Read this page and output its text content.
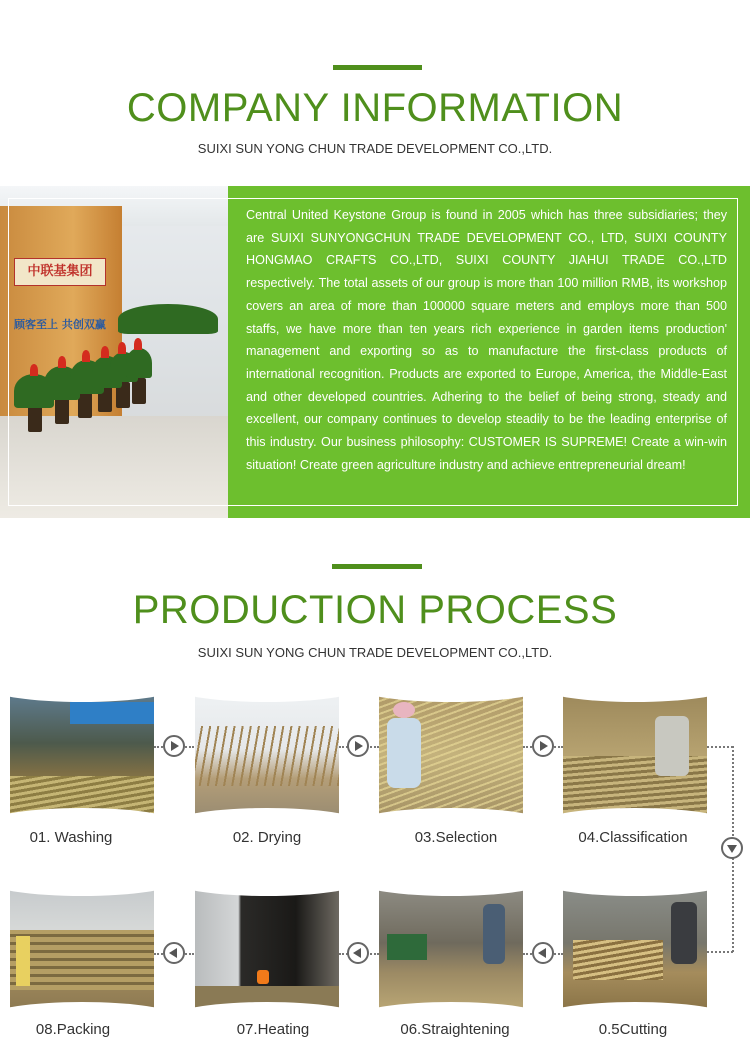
COMPANY INFORMATION
SUIXI SUN YONG CHUN TRADE DEVELOPMENT CO.,LTD.
中联基集团
顾客至上 共创双赢
Central United Keystone Group is found in 2005 which has three subsidiaries; they are SUIXI SUNYONGCHUN TRADE DEVELOPMENT CO., LTD, SUIXI COUNTY HONGMAO CRAFTS CO.,LTD, SUIXI COUNTY JIAHUI TRADE CO.,LTD respectively. The total assets of our group is more than 100 million RMB, its workshop covers an area of more than 100000 square meters and employs more than 500 staffs, we have more than ten years rich experience in garden items production' management and exporting so as to manufacture the first-class products of international recognition. Products are exported to Europe, America, the Middle-East and other developed countries. Adhering to the belief of being strong, steady and excellent, our company continues to develop steadily to be the leading enterprise of this industry. Our business philosophy: CUSTOMER IS SUPREME! Create a win-win situation! Create green agriculture industry and achieve entrepreneurial dream!
PRODUCTION PROCESS
SUIXI SUN YONG CHUN TRADE DEVELOPMENT CO.,LTD.
01. Washing	02. Drying	03.Selection	04.Classification
08.Packing	07.Heating	06.Straightening	0.5Cutting
